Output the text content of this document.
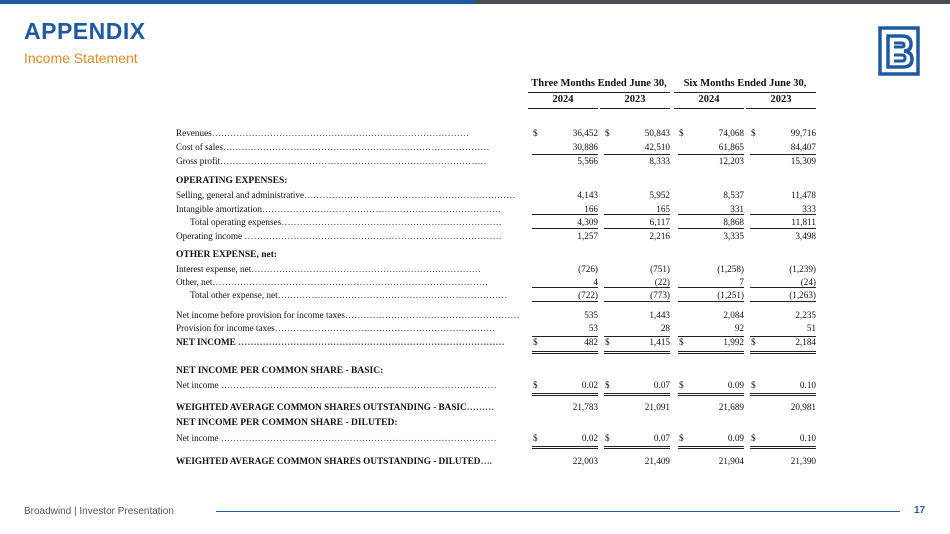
APPENDIX
Income Statement
Three Months Ended June 30,	Six Months Ended June 30,
2024	2023	2024	2023
OPERATING EXPENSES:
OTHER EXPENSE, net:
NET INCOME PER COMMON SHARE - BASIC:
NET INCOME PER COMMON SHARE - DILUTED:
Revenues…………………………………………………………………………	$	36,452 $	50,843 $	74,068 $	99,716
Cost of sales……………………………………………………………………………	30,886	42,510	61,865	84,407
Gross profit……………………………………………………………………………	5,566	8,333	12,203	15,309
Selling, general and administrative……………………………………………………………	4,143	5,952	8,537	11,478
Intangible amortization……………………………………………………………………	166	165	331	333
Total operating expenses………………………………………………………………	4,309	6,117	8,868	11,811
Operating income …………………………………………………………………………	1,257	2,216	3,335	3,498
Interest expense, net…………………………………………………………………	(726)	(751)	(1,258)	(1,239)
Other, net………………………………………………………………………………	4	(22)	7	(24)
Total other expense, net…………………………………………………………………	(722)	(773)	(1,251)	(1,263)
Net income before provision for income taxes…………………………………………………	535	1,443	2,084	2,235
Provision for income taxes………………………………………………………………	53	28	92	51
NET INCOME ……………………………………………………………………………	$	482 $	1,415 $	1,992 $	2,184
Net income ………………………………………………………………………………	$	0.02 $	0.07 $	0.09 $	0.10
WEIGHTED AVERAGE COMMON SHARES OUTSTANDING - BASIC………	21,783	21,091	21,689	20,981
Net income ………………………………………………………………………………	$	0.02 $	0.07 $	0.09 $	0.10
WEIGHTED AVERAGE COMMON SHARES OUTSTANDING - DILUTED….	22,003	21,409	21,904	21,390
Broadwind | Investor Presentation	17
